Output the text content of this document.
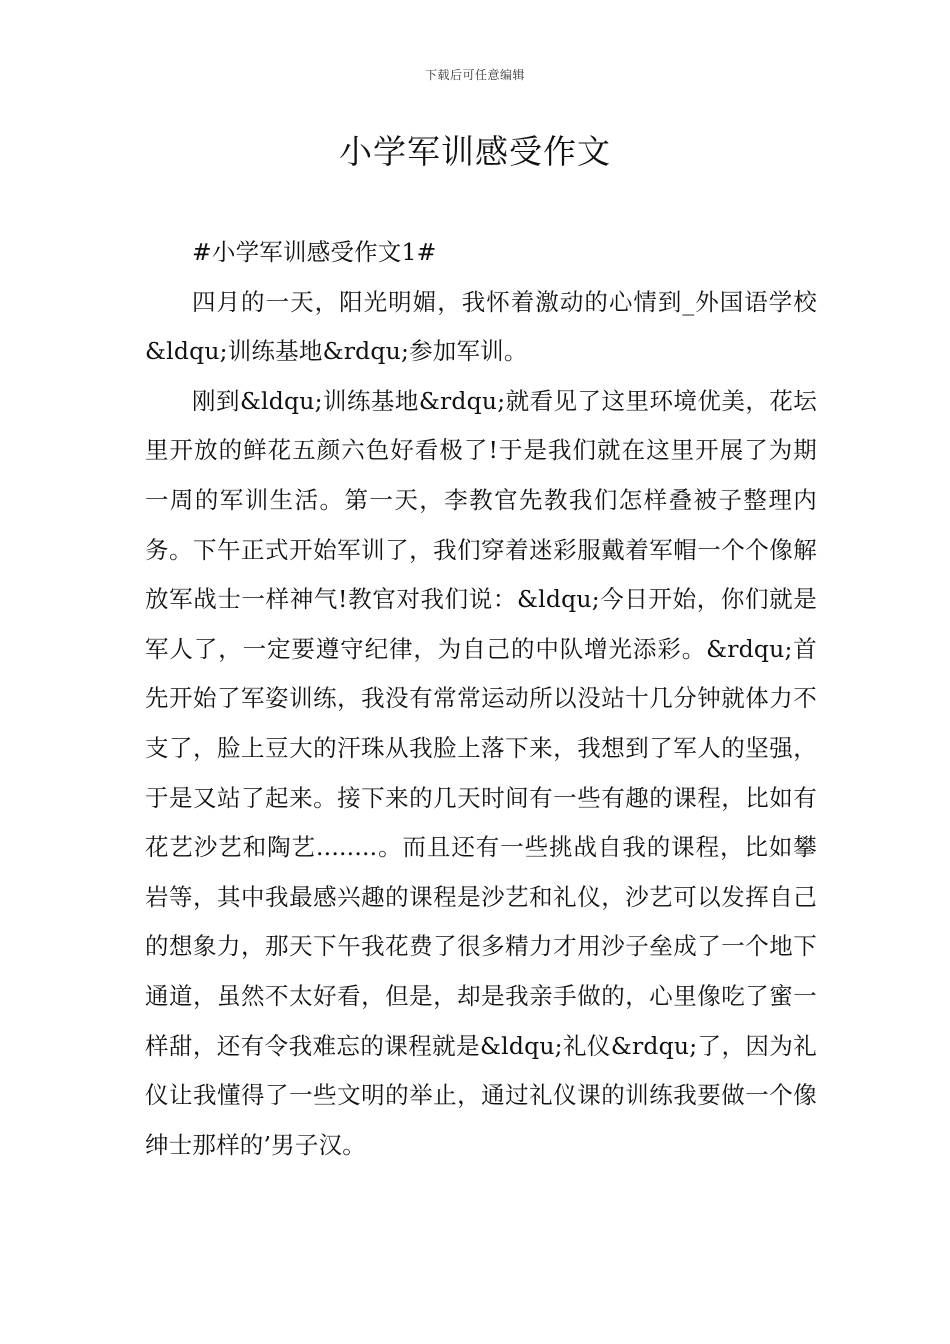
下载后可任意编辑
小学军训感受作文

#小学军训感受作文1#

四月的一天，阳光明媚，我怀着激动的心情到_外国语学校&ldqu;训练基地&rdqu;参加军训。

刚到&ldqu;训练基地&rdqu;就看见了这里环境优美，花坛里开放的鲜花五颜六色好看极了!于是我们就在这里开展了为期一周的军训生活。第一天，李教官先教我们怎样叠被子整理内务。下午正式开始军训了，我们穿着迷彩服戴着军帽一个个像解放军战士一样神气!教官对我们说：&ldqu;今日开始，你们就是军人了，一定要遵守纪律，为自己的中队增光添彩。&rdqu;首先开始了军姿训练，我没有常常运动所以没站十几分钟就体力不支了，脸上豆大的汗珠从我脸上落下来，我想到了军人的坚强，于是又站了起来。接下来的几天时间有一些有趣的课程，比如有花艺沙艺和陶艺........。而且还有一些挑战自我的课程，比如攀岩等，其中我最感兴趣的课程是沙艺和礼仪，沙艺可以发挥自己的想象力，那天下午我花费了很多精力才用沙子垒成了一个地下通道，虽然不太好看，但是，却是我亲手做的，心里像吃了蜜一样甜，还有令我难忘的课程就是&ldqu;礼仪&rdqu;了，因为礼仪让我懂得了一些文明的举止，通过礼仪课的训练我要做一个像绅士那样的’男子汉。
